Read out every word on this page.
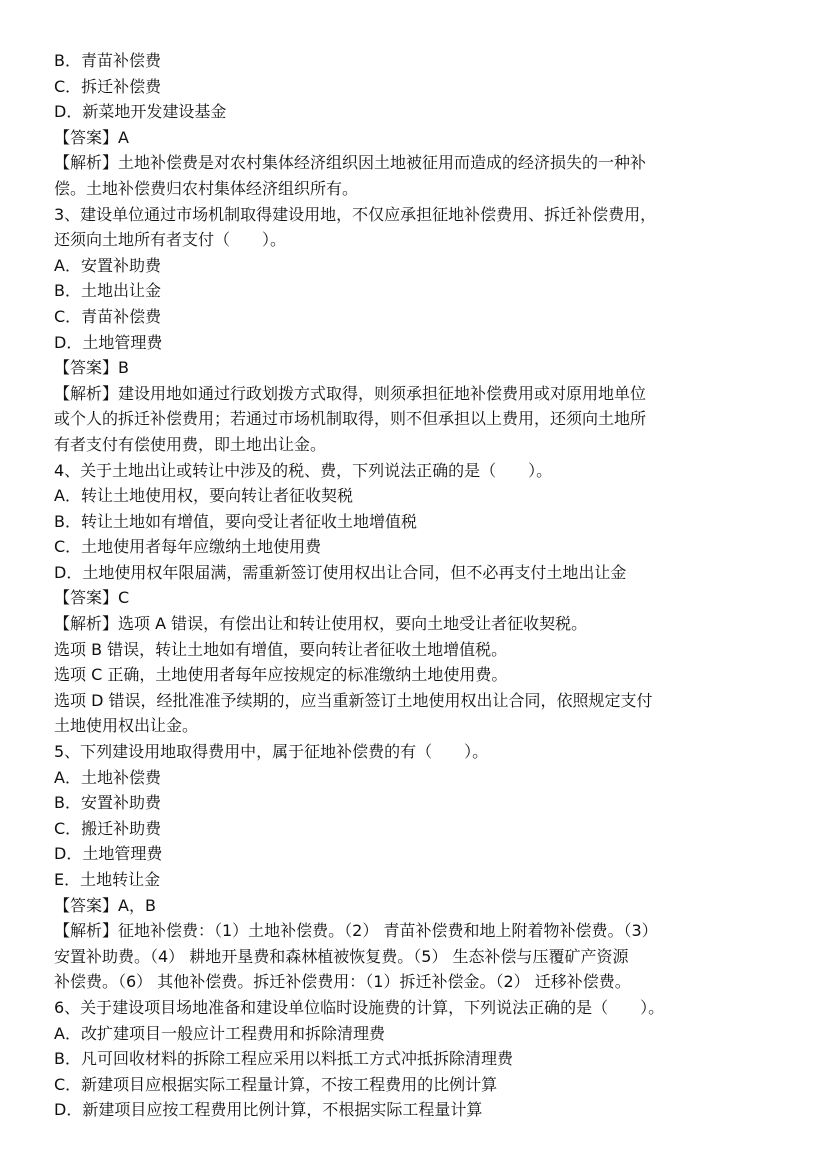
B．青苗补偿费

C．拆迁补偿费

D．新菜地开发建设基金

【答案】A

【解析】土地补偿费是对农村集体经济组织因土地被征用而造成的经济损失的一种补

偿。土地补偿费归农村集体经济组织所有。

3、建设单位通过市场机制取得建设用地，不仅应承担征地补偿费用、拆迁补偿费用，

还须向土地所有者支付（　　）。

A．安置补助费

B．土地出让金

C．青苗补偿费

D．土地管理费

【答案】B

【解析】建设用地如通过行政划拨方式取得，则须承担征地补偿费用或对原用地单位

或个人的拆迁补偿费用；若通过市场机制取得，则不但承担以上费用，还须向土地所

有者支付有偿使用费，即土地出让金。

4、关于土地出让或转让中涉及的税、费，下列说法正确的是（　　）。

A．转让土地使用权，要向转让者征收契税

B．转让土地如有增值，要向受让者征收土地增值税

C．土地使用者每年应缴纳土地使用费

D．土地使用权年限届满，需重新签订使用权出让合同，但不必再支付土地出让金

【答案】C

【解析】选项 A 错误，有偿出让和转让使用权，要向土地受让者征收契税。

选项 B 错误，转让土地如有增值，要向转让者征收土地增值税。

选项 C 正确，土地使用者每年应按规定的标准缴纳土地使用费。

选项 D 错误，经批准准予续期的，应当重新签订土地使用权出让合同，依照规定支付

土地使用权出让金。

5、下列建设用地取得费用中，属于征地补偿费的有（　　）。

A．土地补偿费

B．安置补助费

C．搬迁补助费

D．土地管理费

E．土地转让金

【答案】A，B

【解析】征地补偿费：（1）土地补偿费。（2） 青苗补偿费和地上附着物补偿费。（3）

安置补助费。（4） 耕地开垦费和森林植被恢复费。（5） 生态补偿与压覆矿产资源

补偿费。（6） 其他补偿费。拆迁补偿费用：（1）拆迁补偿金。（2） 迁移补偿费。

6、关于建设项目场地准备和建设单位临时设施费的计算，下列说法正确的是（　　）。

A．改扩建项目一般应计工程费用和拆除清理费

B．凡可回收材料的拆除工程应采用以料抵工方式冲抵拆除清理费

C．新建项目应根据实际工程量计算，不按工程费用的比例计算

D．新建项目应按工程费用比例计算，不根据实际工程量计算
